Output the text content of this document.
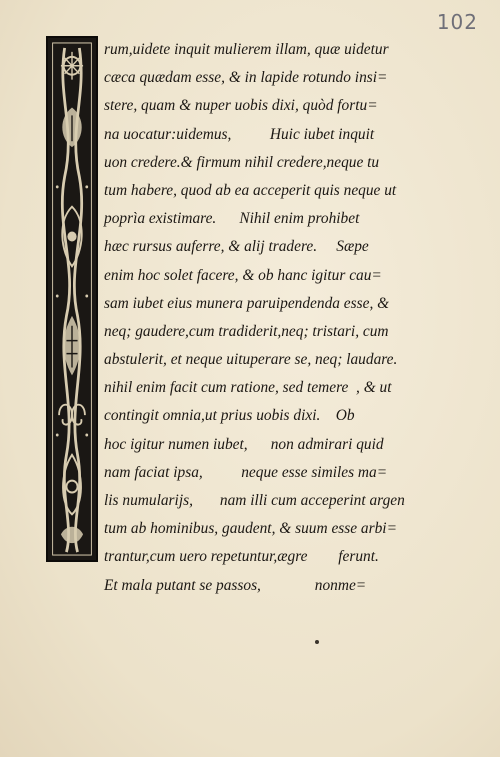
102
rum,uidete inquit mulierem illam, quæ uidetur
cæca quædam esse, & in lapide rotundo insi=
stere, quam & nuper uobis dixi, quòd fortu=
na uocatur:uidemus,          Huic iubet inquit
uon credere.& firmum nihil credere,neque tu
tum habere, quod ab ea acceperit quis neque ut
poprìa existimare.      Nihil enim prohibet
hæc rursus auferre, & alij tradere.     Sæpe
enim hoc solet facere, & ob hanc igitur cau=
sam iubet eius munera paruipendenda esse, &
neq; gaudere,cum tradiderit,neq; tristari, cum
abstulerit, et neque uituperare se, neq; laudare.
nihil enim facit cum ratione, sed temere  , & ut
contingit omnia,ut prius uobis dixi.    Ob
hoc igitur numen iubet,      non admirari quid
nam faciat ipsa,          neque esse similes ma=
lis numularijs,       nam illi cum acceperint argen
tum ab hominibus, gaudent, & suum esse arbi=
trantur,cum uero repetuntur,ægre        ferunt.
Et mala putant se passos,              nonme=
